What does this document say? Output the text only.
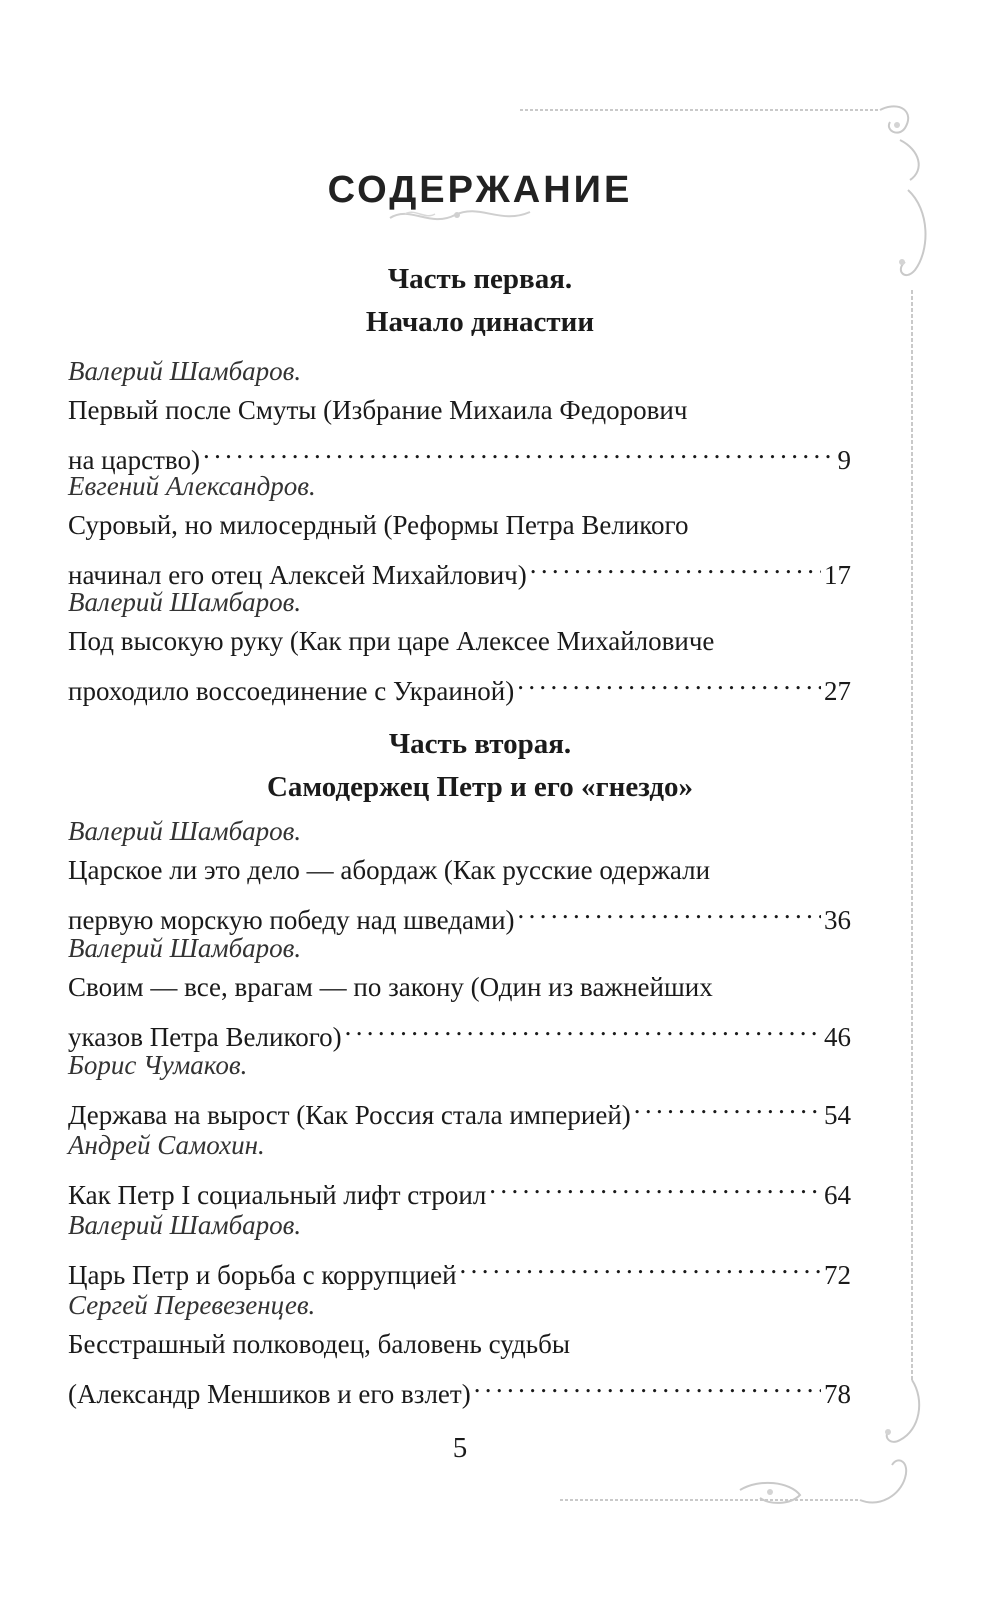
СОДЕРЖАНИЕ
Часть первая.
Начало династии
Валерий Шамбаров.
Первый после Смуты (Избрание Михаила Федорович
на царство) . . .	9
Евгений Александров.
Суровый, но милосердный (Реформы Петра Великого
начинал его отец Алексей Михайлович) . . .	17
Валерий Шамбаров.
Под высокую руку (Как при царе Алексее Михайловиче
проходило воссоединение с Украиной) . . .	27
Часть вторая.
Самодержец Петр и его «гнездо»
Валерий Шамбаров.
Царское ли это дело — абордаж (Как русские одержали
первую морскую победу над шведами) . . .	36
Валерий Шамбаров.
Своим — все, врагам — по закону (Один из важнейших
указов Петра Великого) . . .	46
Борис Чумаков.
Держава на вырост (Как Россия стала империей) . . .	54
Андрей Самохин.
Как Петр I социальный лифт строил . . .	64
Валерий Шамбаров.
Царь Петр и борьба с коррупцией . . .	72
Сергей Перевезенцев.
Бесстрашный полководец, баловень судьбы
(Александр Меншиков и его взлет) . . .	78
5
